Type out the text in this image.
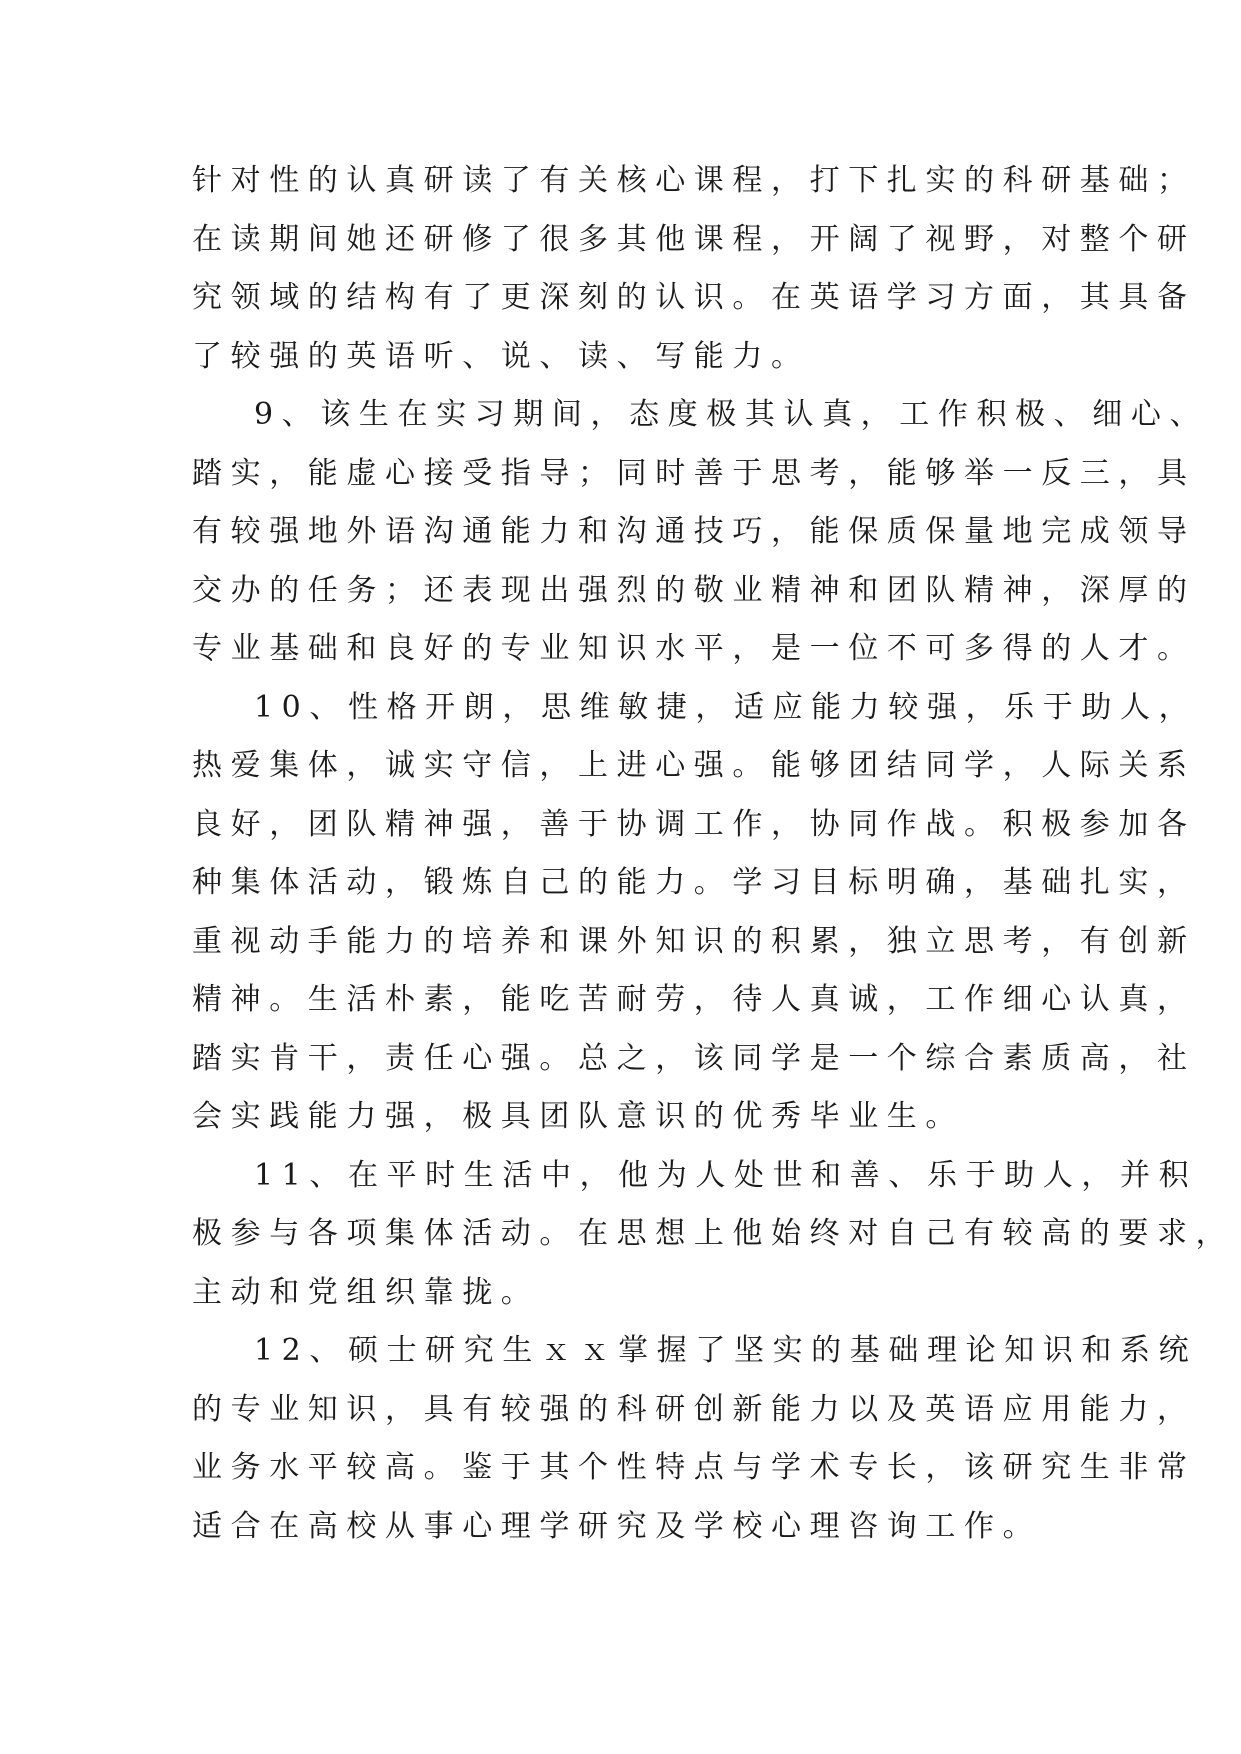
针对性的认真研读了有关核心课程，打下扎实的科研基础；
在读期间她还研修了很多其他课程，开阔了视野，对整个研
究领域的结构有了更深刻的认识。在英语学习方面，其具备
了较强的英语听、说、读、写能力。
9、该生在实习期间，态度极其认真，工作积极、细心、
踏实，能虚心接受指导；同时善于思考，能够举一反三，具
有较强地外语沟通能力和沟通技巧，能保质保量地完成领导
交办的任务；还表现出强烈的敬业精神和团队精神，深厚的
专业基础和良好的专业知识水平，是一位不可多得的人才。
10、性格开朗，思维敏捷，适应能力较强，乐于助人，
热爱集体，诚实守信，上进心强。能够团结同学，人际关系
良好，团队精神强，善于协调工作，协同作战。积极参加各
种集体活动，锻炼自己的能力。学习目标明确，基础扎实，
重视动手能力的培养和课外知识的积累，独立思考，有创新
精神。生活朴素，能吃苦耐劳，待人真诚，工作细心认真，
踏实肯干，责任心强。总之，该同学是一个综合素质高，社
会实践能力强，极具团队意识的优秀毕业生。
11、在平时生活中，他为人处世和善、乐于助人，并积
极参与各项集体活动。在思想上他始终对自己有较高的要求，
主动和党组织靠拢。
12、硕士研究生ｘｘ掌握了坚实的基础理论知识和系统
的专业知识，具有较强的科研创新能力以及英语应用能力，
业务水平较高。鉴于其个性特点与学术专长，该研究生非常
适合在高校从事心理学研究及学校心理咨询工作。
